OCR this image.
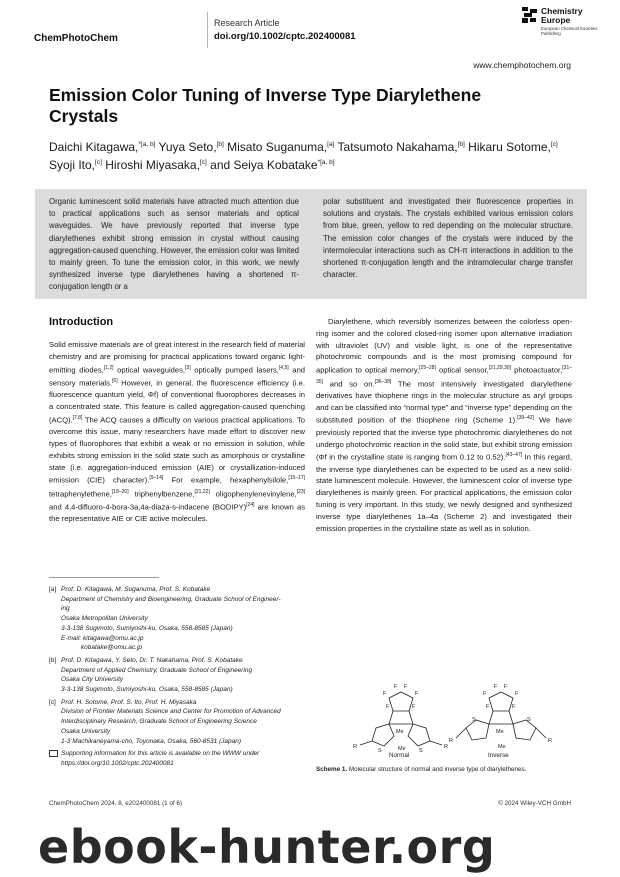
ChemPhotoChem
Research Article
doi.org/10.1002/cptc.202400081
Chemistry Europe
European Chemical Societies Publishing
www.chemphotochem.org
Emission Color Tuning of Inverse Type Diarylethene Crystals
Daichi Kitagawa,$^{*[a, b]}$ Yuya Seto,[b] Misato Suganuma,[a] Tatsumoto Nakahama,[b] Hikaru Sotome,[c] Syoji Ito,[c] Hiroshi Miyasaka,[c] and Seiya Kobatake$^{*[a, b]}$

Organic luminescent solid materials have attracted much attention due to practical applications such as sensor materials and optical waveguides. We have previously reported that inverse type diarylethenes exhibit strong emission in crystal without causing aggregation-caused quenching. However, the emission color was limited to mainly green. To tune the emission color, in this work, we newly synthesized inverse type diarylethenes having a shortened π-conjugation length or a

polar substituent and investigated their fluorescence properties in solutions and crystals. The crystals exhibited various emission colors from blue, green, yellow to red depending on the molecular structure. The emission color changes of the crystals were induced by the intermolecular interactions such as CH-π interactions in addition to the shortened π-conjugation length and the intramolecular charge transfer character.

Introduction

Solid emissive materials are of great interest in the research field of material chemistry and are promising for practical applications toward organic light-emitting diodes,[1,2] optical waveguides,[3] optically pumped lasers,[4,5] and sensory materials.[6] However, in general, the fluorescence efficiency (i.e. fluorescence quantum yield, Φf) of conventional fluorophores decreases in a concentrated state. This feature is called aggregation-caused quenching (ACQ).[7,8] The ACQ causes a difficulty on various practical applications. To overcome this issue, many researchers have made effort to discover new types of fluorophores that exhibit a weak or no emission in solution, while exhibits strong emission in the solid state such as amorphous or crystalline state (i.e. aggregation-induced emission (AIE) or crystallization-induced emission (CIE) character).[9–14] For example, hexaphenylsilole,[15–17] tetraphenylethene,[18–20] triphenylbenzene,[21,22] oligophenylenevinylene,[23] and 4,4-difluoro-4-bora-3a,4a-diaza-s-indacene (BODIPY)[24] are known as the representative AIE or CIE active molecules.

Diarylethene, which reversibly isomerizes between the colorless open-ring isomer and the colored closed-ring isomer upon alternative irradiation with ultraviolet (UV) and visible light, is one of the representative photochromic compounds and is the most promising compound for application to optical memory,[25–28] optical sensor,[21,29,30] photoactuator,[31–35] and so on.[36–38] The most intensively investigated diarylethene derivatives have thiophene rings in the molecular structure as aryl groups and can be classified into “normal type” and “inverse type” depending on the substituted position of the thiophene ring (Scheme 1).[39–42] We have previously reported that the inverse type photochromic diarylethenes do not undergo photochromic reaction in the solid state, but exhibit strong emission (Φf in the crystalline state is ranging from 0.12 to 0.52).[43–47] In this regard, the inverse type diarylethenes can be expected to be used as a new solid-state luminescent molecule. However, the luminescent color of inverse type diarylethenes is mainly green. For practical applications, the emission color tuning is very important. In this study, we newly designed and synthesized inverse type diarylethenes 1a–4a (Scheme 2) and investigated their emission properties in the crystalline state as well as in solution.

[a] Prof. D. Kitagawa, M. Suganuma, Prof. S. Kobatake

Department of Chemistry and Bioengineering, Graduate School of Engineer-

ing

Osaka Metropolitan University

3-3-138 Sugimoto, Sumiyoshi-ku, Osaka, 558-8585 (Japan)

E-mail: kitagawa@omu.ac.jp

kobatake@omu.ac.jp

[b] Prof. D. Kitagawa, Y. Seto, Dr. T. Nakahama, Prof. S. Kobatake

Department of Applied Chemistry, Graduate School of Engineering

Osaka City University

3-3-138 Sugimoto, Sumiyoshi-ku, Osaka, 558-8585 (Japan)

[c] Prof. H. Sotome, Prof. S. Ito, Prof. H. Miyasaka

Division of Frontier Materials Science and Center for Promotion of Advanced

Interdisciplinary Research, Graduate School of Engineering Science

Osaka University

1-3 Machikaneyama-cho, Toyonaka, Osaka, 560-8531 (Japan)

Supporting information for this article is available on the WWW under https://doi.org/10.1002/cptc.202400081
F F
F	F
F	F
Me
Me
S	S
R	R
F F
F	F
F	F
Me
Me
S	S
R	R
Normal	Inverse
Scheme 1. Molecular structure of normal and inverse type of diarylethenes.
ChemPhotoChem 2024, 8, e202400081 (1 of 6)	© 2024 Wiley-VCH GmbH
ebook-hunter.org
